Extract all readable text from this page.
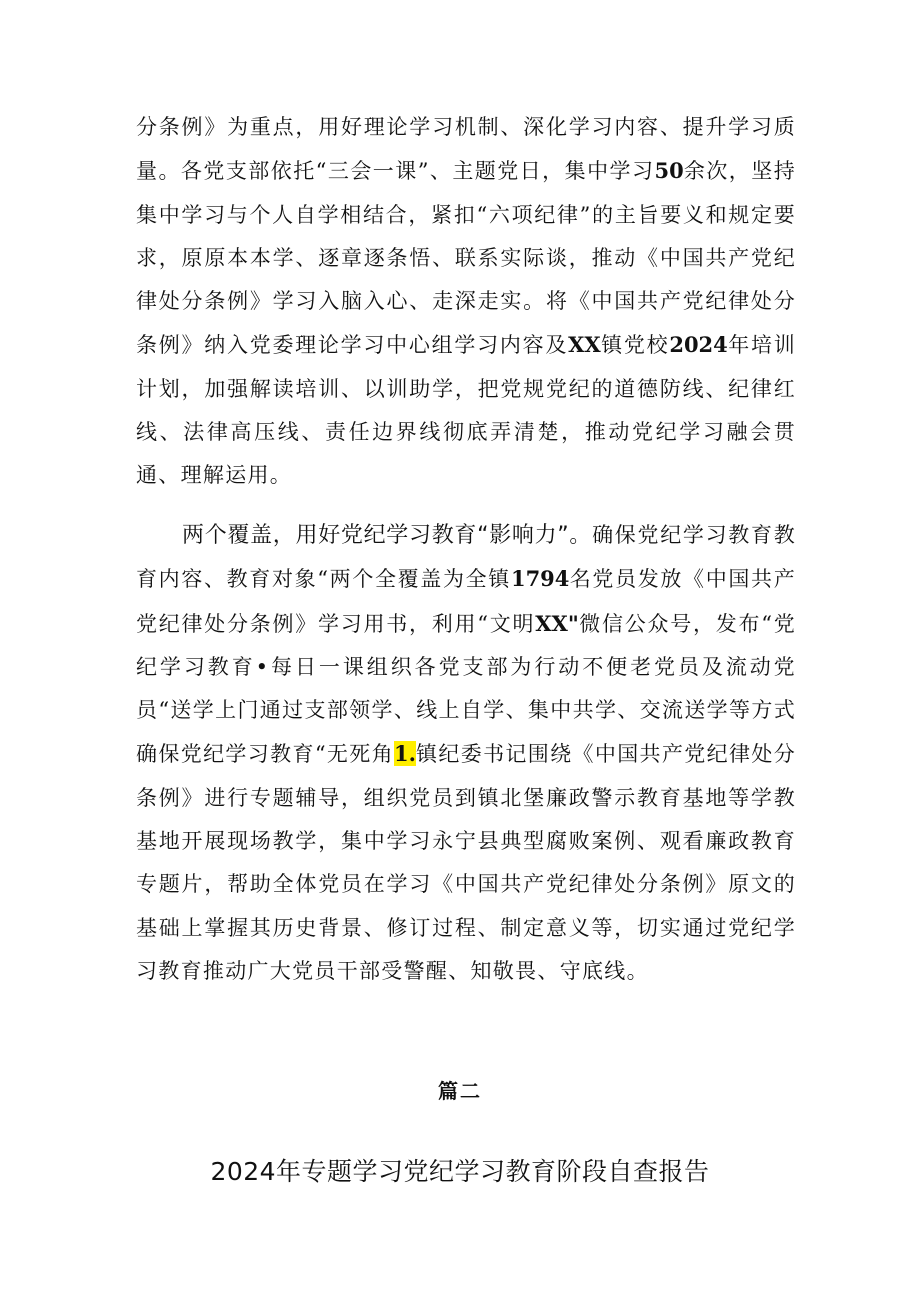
分条例》为重点，用好理论学习机制、深化学习内容、提升学习质量。各党支部依托“三会一课”、主题党日，集中学习50余次，坚持集中学习与个人自学相结合，紧扣“六项纪律”的主旨要义和规定要求，原原本本学、逐章逐条悟、联系实际谈，推动《中国共产党纪律处分条例》学习入脑入心、走深走实。将《中国共产党纪律处分条例》纳入党委理论学习中心组学习内容及XX镇党校2024年培训计划，加强解读培训、以训助学，把党规党纪的道德防线、纪律红线、法律高压线、责任边界线彻底弄清楚，推动党纪学习融会贯通、理解运用。

两个覆盖，用好党纪学习教育“影响力”。确保党纪学习教育教育内容、教育对象“两个全覆盖为全镇1794名党员发放《中国共产党纪律处分条例》学习用书，利用“文明XX"微信公众号，发布“党纪学习教育•每日一课组织各党支部为行动不便老党员及流动党员“送学上门通过支部领学、线上自学、集中共学、交流送学等方式确保党纪学习教育“无死角1.镇纪委书记围绕《中国共产党纪律处分条例》进行专题辅导，组织党员到镇北堡廉政警示教育基地等学教基地开展现场教学，集中学习永宁县典型腐败案例、观看廉政教育专题片，帮助全体党员在学习《中国共产党纪律处分条例》原文的基础上掌握其历史背景、修订过程、制定意义等，切实通过党纪学习教育推动广大党员干部受警醒、知敬畏、守底线。

篇二
2024年专题学习党纪学习教育阶段自查报告
